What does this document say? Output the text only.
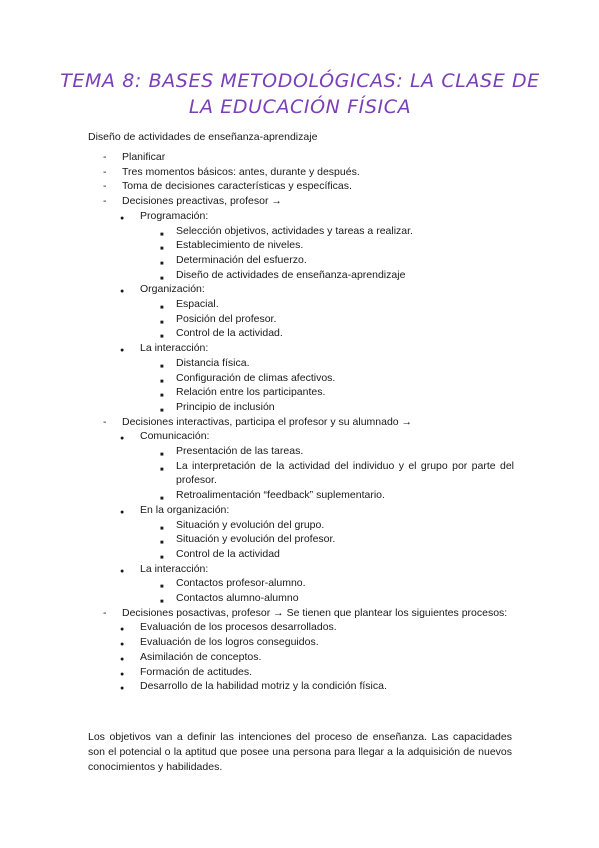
TEMA 8: BASES METODOLÓGICAS: LA CLASE DE LA EDUCACIÓN FÍSICA
Diseño de actividades de enseñanza-aprendizaje
- Planificar
- Tres momentos básicos: antes, durante y después.
- Toma de decisiones características y específicas.
- Decisiones preactivas, profesor →
● Programación:
■ Selección objetivos, actividades y tareas a realizar.
■ Establecimiento de niveles.
■ Determinación del esfuerzo.
■ Diseño de actividades de enseñanza-aprendizaje
● Organización:
■ Espacial.
■ Posición del profesor.
■ Control de la actividad.
● La interacción:
■ Distancia física.
■ Configuración de climas afectivos.
■ Relación entre los participantes.
■ Principio de inclusión
- Decisiones interactivas, participa el profesor y su alumnado →
● Comunicación:
■ Presentación de las tareas.
■ La interpretación de la actividad del individuo y el grupo por parte del profesor.
■ Retroalimentación “feedback” suplementario.
● En la organización:
■ Situación y evolución del grupo.
■ Situación y evolución del profesor.
■ Control de la actividad
● La interacción:
■ Contactos profesor-alumno.
■ Contactos alumno-alumno
- Decisiones posactivas, profesor → Se tienen que plantear los siguientes procesos:
● Evaluación de los procesos desarrollados.
● Evaluación de los logros conseguidos.
● Asimilación de conceptos.
● Formación de actitudes.
● Desarrollo de la habilidad motriz y la condición física.
Los objetivos van a definir las intenciones del proceso de enseñanza. Las capacidades son el potencial o la aptitud que posee una persona para llegar a la adquisición de nuevos conocimientos y habilidades.
